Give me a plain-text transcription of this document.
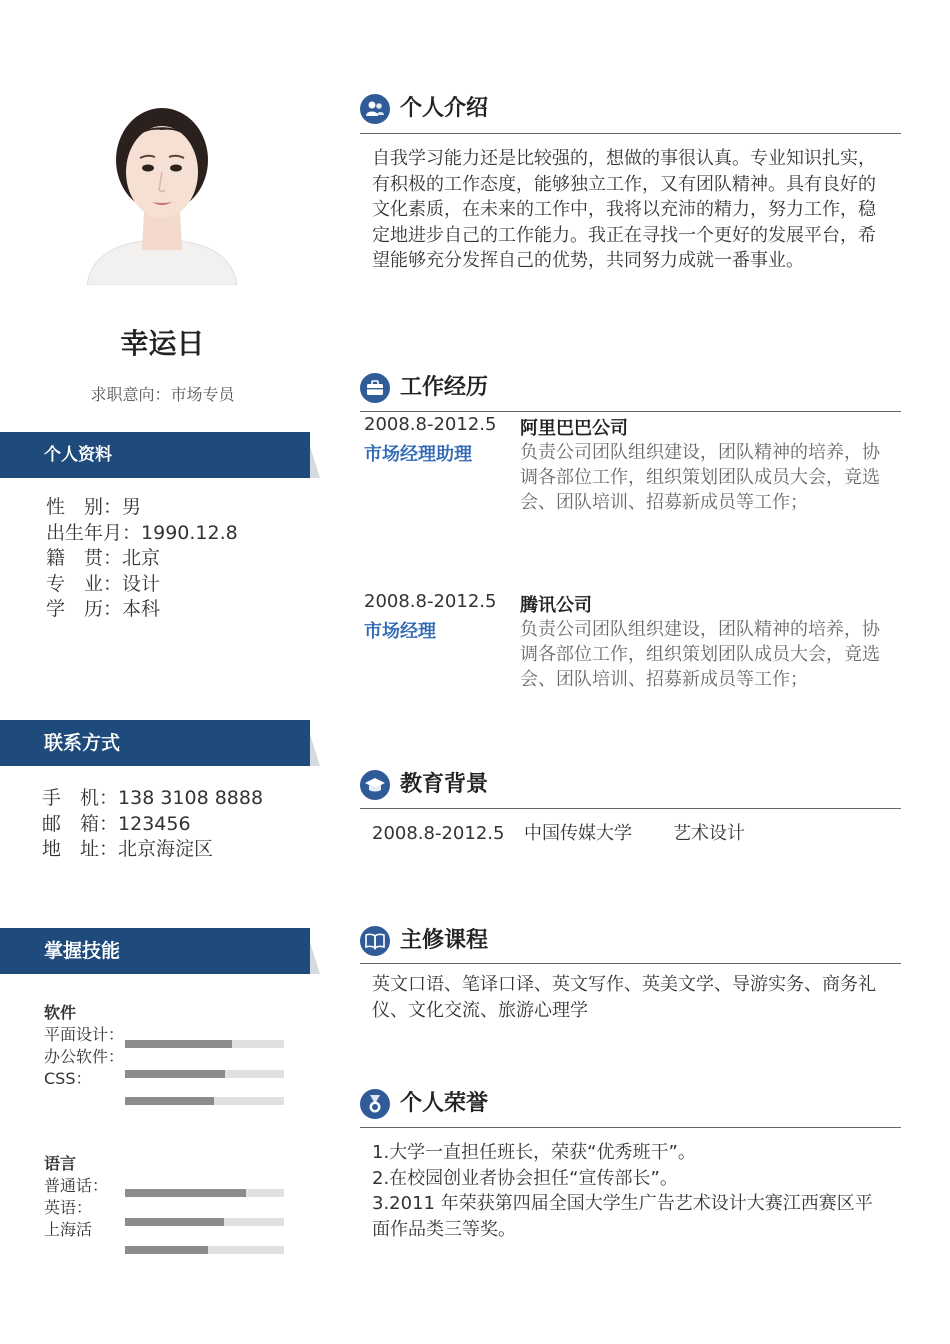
幸运日
求职意向：市场专员
个人资料
性　别：男
出生年月：1990.12.8
籍　贯：北京
专　业：设计
学　历：本科
联系方式
手　机：138 3108 8888
邮　箱：123456
地　址：北京海淀区
掌握技能
软件
平面设计：
办公软件：
CSS：
语言
普通话：
英语：
上海活
个人介绍
自我学习能力还是比较强的，想做的事很认真。专业知识扎实，
有积极的工作态度，能够独立工作，又有团队精神。具有良好的
文化素质，在未来的工作中，我将以充沛的精力，努力工作，稳
定地进步自己的工作能力。我正在寻找一个更好的发展平台，希
望能够充分发挥自己的优势，共同努力成就一番事业。
工作经历
2008.8-2012.5
市场经理助理
阿里巴巴公司
负责公司团队组织建设，团队精神的培养，协
调各部位工作，组织策划团队成员大会，竟选
会、团队培训、招募新成员等工作；
2008.8-2012.5
市场经理
腾讯公司
负责公司团队组织建设，团队精神的培养，协
调各部位工作，组织策划团队成员大会，竟选
会、团队培训、招募新成员等工作；
教育背景
2008.8-2012.5 中国传媒大学 艺术设计
主修课程
英文口语、笔译口译、英文写作、英美文学、导游实务、商务礼
仪、文化交流、旅游心理学
个人荣誉
1.大学一直担任班长，荣获“优秀班干”。
2.在校园创业者协会担任“宣传部长”。
3.2011 年荣获第四届全国大学生广告艺术设计大赛江西赛区平
面作品类三等奖。
